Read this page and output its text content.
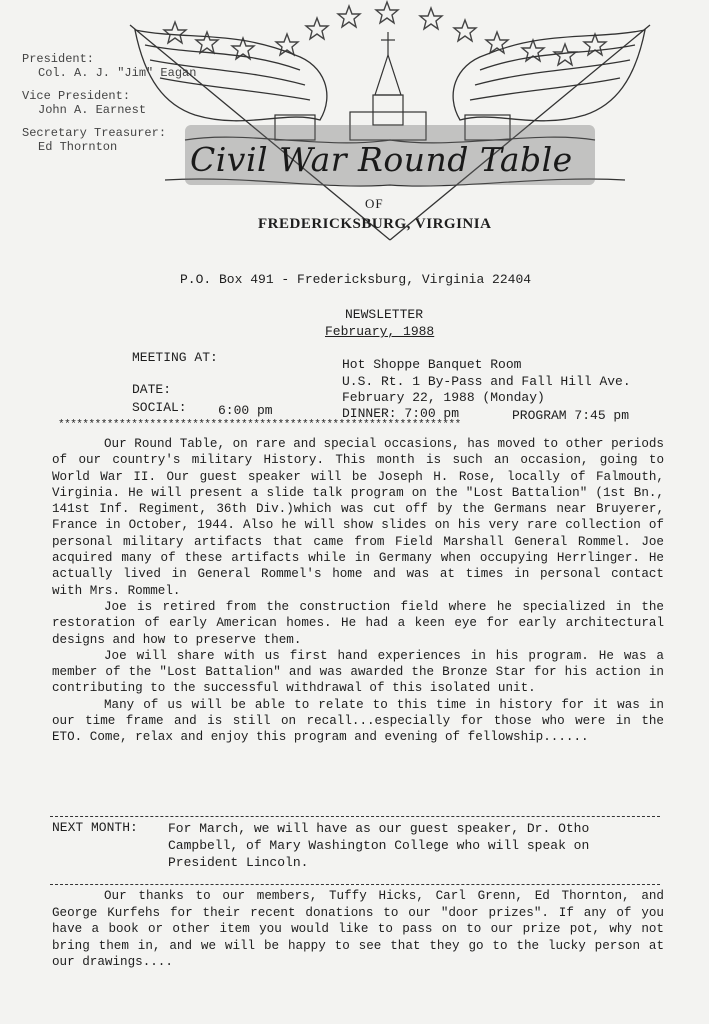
President:
Col. A. J. "Jim" Eagan
Vice President:
John A. Earnest
Secretary Treasurer:
Ed Thornton	Civil War Round Table
OF
FREDERICKSBURG, VIRGINIA
P.O. Box 491 - Fredericksburg, Virginia 22404
NEWSLETTER
February, 1988
MEETING AT:	Hot Shoppe Banquet Room
U.S. Rt. 1 By-Pass and Fall Hill Ave.
DATE:
February 22, 1988 (Monday)
SOCIAL: 6:00 pm	DINNER: 7:00 pm	PROGRAM 7:45 pm
******************************************************************

Our Round Table, on rare and special occasions, has moved to other periods of our country's military History. This month is such an occasion, going to World War II. Our guest speaker will be Joseph H. Rose, locally of Falmouth, Virginia. He will present a slide talk program on the "Lost Battalion" (1st Bn., 141st Inf. Regiment, 36th Div.)which was cut off by the Germans near Bruyerer, France in October, 1944. Also he will show slides on his very rare collection of personal military artifacts that came from Field Marshall General Rommel. Joe acquired many of these artifacts while in Germany when occupying Herrlinger. He actually lived in General Rommel's home and was at times in personal contact with Mrs. Rommel.

Joe is retired from the construction field where he specialized in the restoration of early American homes. He had a keen eye for early architectural designs and how to preserve them.

Joe will share with us first hand experiences in his program. He was a member of the "Lost Battalion" and was awarded the Bronze Star for his action in contributing to the successful withdrawal of this isolated unit.

Many of us will be able to relate to this time in history for it was in our time frame and is still on recall...especially for those who were in the ETO. Come, relax and enjoy this program and evening of fellowship......

NEXT MONTH: For March, we will have as our guest speaker, Dr. Otho Campbell, of Mary Washington College who will speak on President Lincoln.

Our thanks to our members, Tuffy Hicks, Carl Grenn, Ed Thornton, and George Kurfehs for their recent donations to our "door prizes". If any of you have a book or other item you would like to pass on to our prize pot, why not bring them in, and we will be happy to see that they go to the lucky person at our drawings....
